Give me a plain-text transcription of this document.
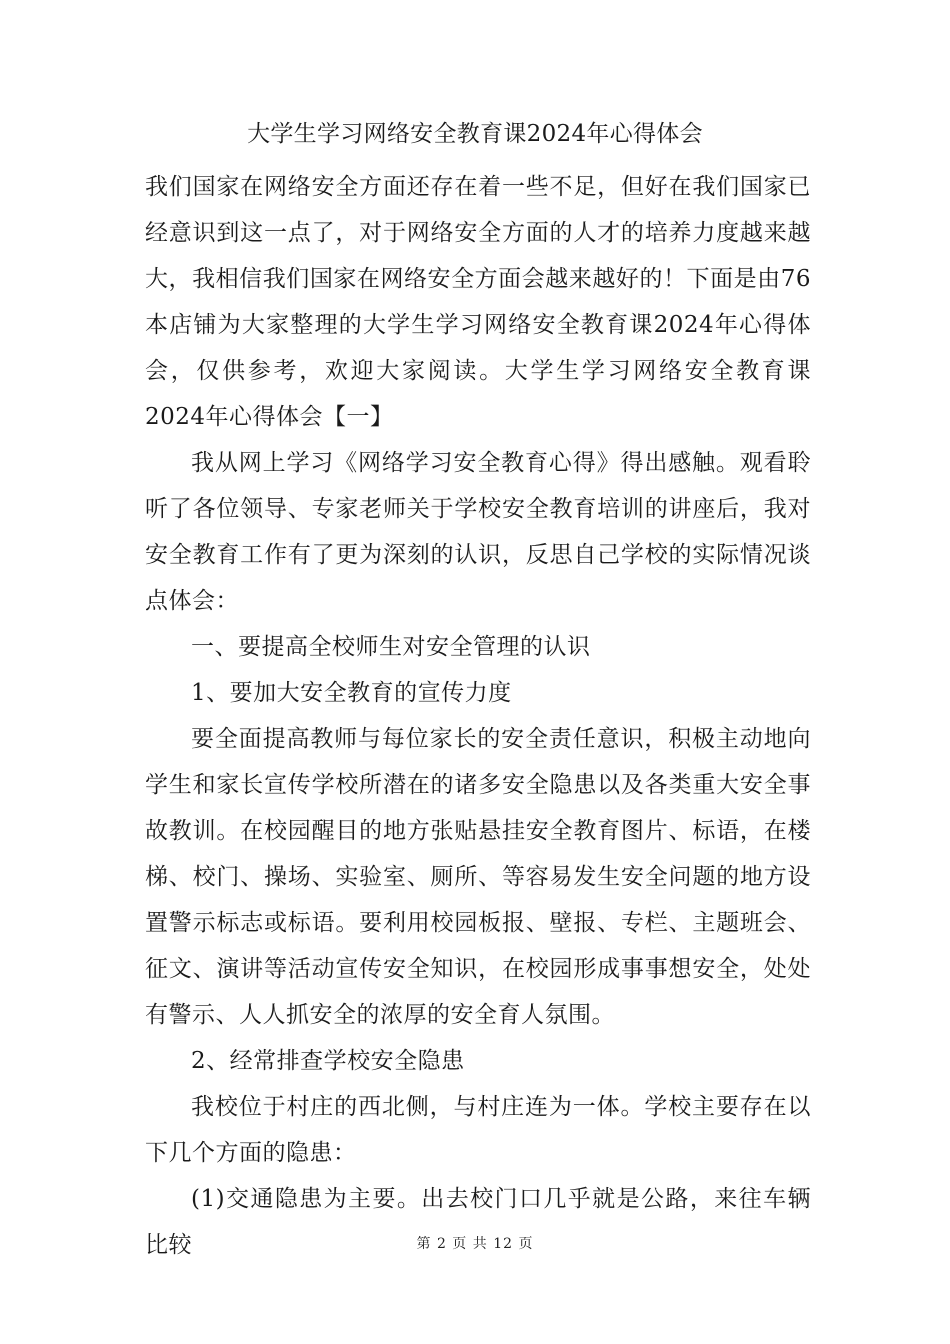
大学生学习网络安全教育课2024年心得体会

我们国家在网络安全方面还存在着一些不足，但好在我们国家已经意识到这一点了，对于网络安全方面的人才的培养力度越来越大，我相信我们国家在网络安全方面会越来越好的！下面是由76本店铺为大家整理的大学生学习网络安全教育课2024年心得体会，仅供参考，欢迎大家阅读。大学生学习网络安全教育课2024年心得体会【一】

我从网上学习《网络学习安全教育心得》得出感触。观看聆听了各位领导、专家老师关于学校安全教育培训的讲座后，我对安全教育工作有了更为深刻的认识，反思自己学校的实际情况谈点体会：

一、要提高全校师生对安全管理的认识

1、要加大安全教育的宣传力度

要全面提高教师与每位家长的安全责任意识，积极主动地向学生和家长宣传学校所潜在的诸多安全隐患以及各类重大安全事故教训。在校园醒目的地方张贴悬挂安全教育图片、标语，在楼梯、校门、操场、实验室、厕所、等容易发生安全问题的地方设置警示标志或标语。要利用校园板报、壁报、专栏、主题班会、征文、演讲等活动宣传安全知识，在校园形成事事想安全，处处有警示、人人抓安全的浓厚的安全育人氛围。

2、经常排查学校安全隐患

我校位于村庄的西北侧，与村庄连为一体。学校主要存在以下几个方面的隐患：

(1)交通隐患为主要。出去校门口几乎就是公路，来往车辆比较	第 2 页 共 12 页
